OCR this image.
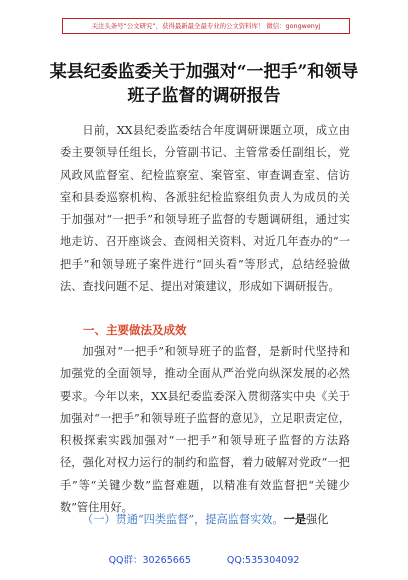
关注头条号“公文研究”，获得最新最全最专业的公文资料库！ 微信：gongwenyj
某县纪委监委关于加强对“一把手”和领导班子监督的调研报告

日前，XX县纪委监委结合年度调研课题立项，成立由委主要领导任组长，分管副书记、主管常委任副组长，党风政风监督室、纪检监察室、案管室、审查调查室、信访室和县委巡察机构、各派驻纪检监察组负责人为成员的关于加强对“一把手”和领导班子监督的专题调研组，通过实地走访、召开座谈会、查阅相关资料、对近几年查办的“一把手”和领导班子案件进行“回头看”等形式，总结经验做法、查找问题不足、提出对策建议，形成如下调研报告。

一、主要做法及成效

加强对“一把手”和领导班子的监督，是新时代坚持和加强党的全面领导，推动全面从严治党向纵深发展的必然要求。今年以来，XX县纪委监委深入贯彻落实中央《关于加强对“一把手”和领导班子监督的意见》，立足职责定位，积极探索实践加强对“一把手”和领导班子监督的方法路径，强化对权力运行的制约和监督，着力破解对党政“一把手”等“关键少数”监督难题，以精准有效监督把“关键少数”管住用好。

（一）贯通“四类监督”，提高监督实效。一是强化

QQ群：30265665	QQ:535304092
